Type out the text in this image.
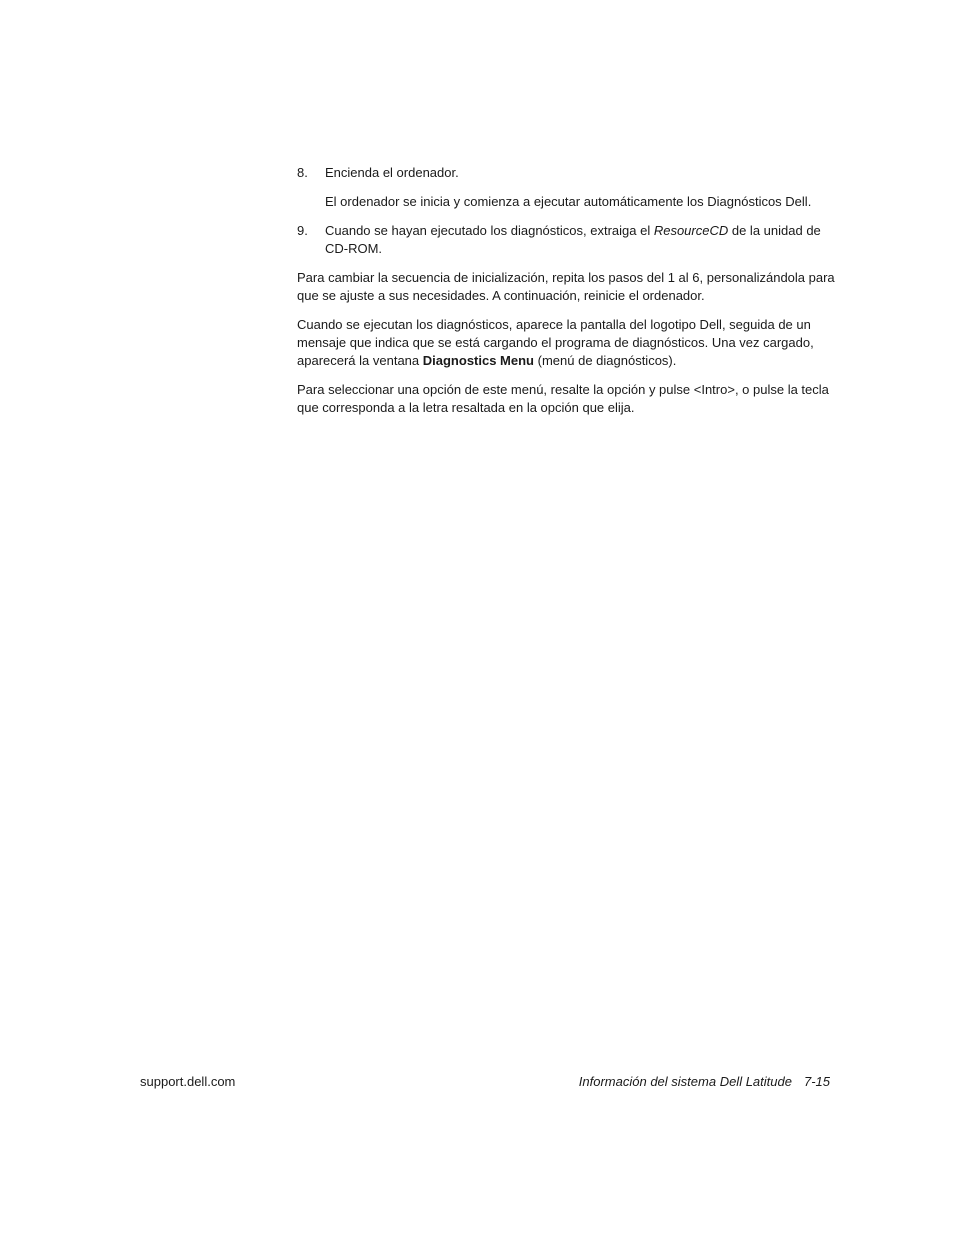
8. Encienda el ordenador.
El ordenador se inicia y comienza a ejecutar automáticamente los Diagnósticos Dell.
9. Cuando se hayan ejecutado los diagnósticos, extraiga el ResourceCD de la unidad de CD-ROM.

Para cambiar la secuencia de inicialización, repita los pasos del 1 al 6, personalizándola para que se ajuste a sus necesidades. A continuación, reinicie el ordenador.

Cuando se ejecutan los diagnósticos, aparece la pantalla del logotipo Dell, seguida de un mensaje que indica que se está cargando el programa de diagnósticos. Una vez cargado, aparecerá la ventana Diagnostics Menu (menú de diagnósticos).

Para seleccionar una opción de este menú, resalte la opción y pulse <Intro>, o pulse la tecla que corresponda a la letra resaltada en la opción que elija.

support.dell.com	Información del sistema Dell Latitude 7-15
